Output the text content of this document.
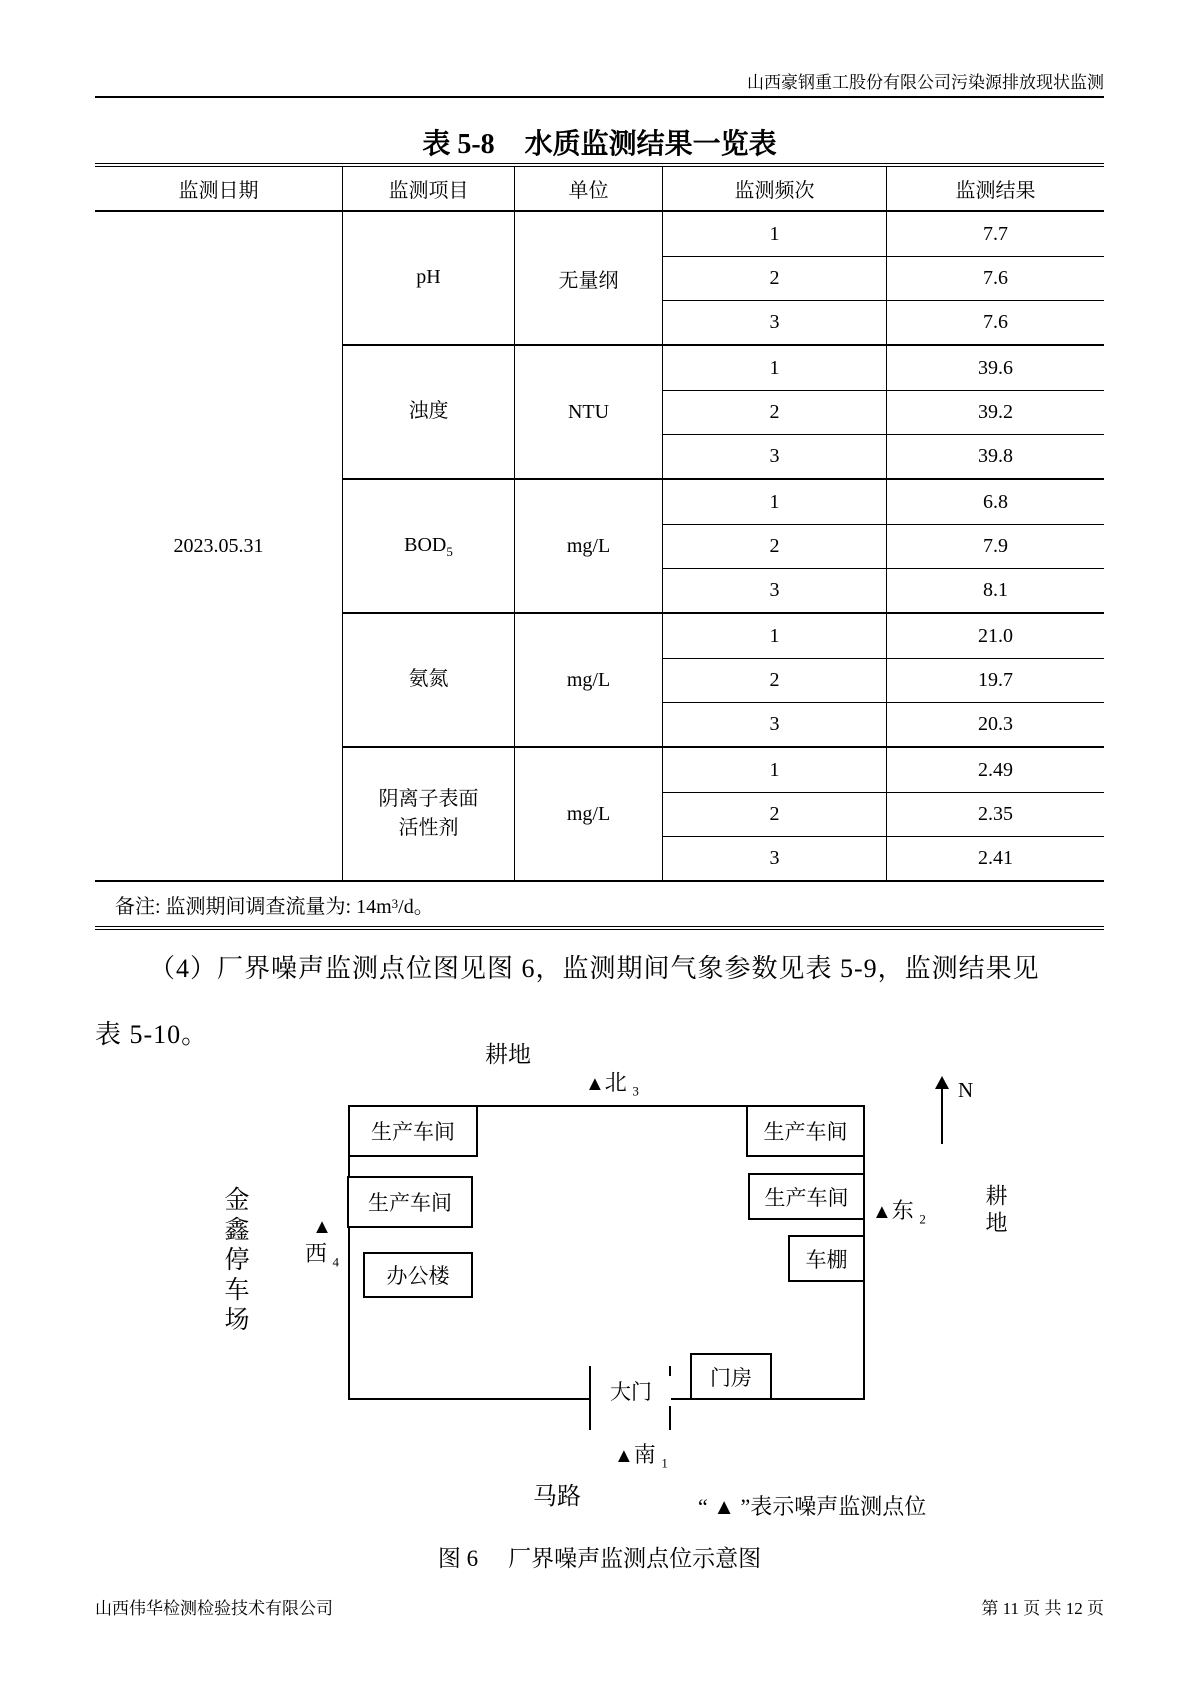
山西豪钢重工股份有限公司污染源排放现状监测
表 5-8 水质监测结果一览表
监测日期	监测项目	单位	监测频次	监测结果
2023.05.31
pH	无量纲
1	7.7
2	7.6
3	7.6
浊度	NTU
1	39.6
2	39.2
3	39.8
$BOD_5$	mg/L
1	6.8
2	7.9
3	8.1
氨氮	mg/L
1	21.0
2	19.7
3	20.3
阴离子表面
活性剂
mg/L
1	2.49
2	2.35
3	2.41
备注: 监测期间调查流量为: 14m 3 /d。
（4）厂界噪声监测点位图见图 6，监测期间气象参数见表 5-9，监测结果见
表 5-10。
耕地
▲北 $_3$
大门
生产车间	生产车间
生产车间	生产车间
办公楼
车棚
门房
▲
西 $_4$
▲东 $_2$
▲南 $_1$
金鑫停车场	耕地
N
马路	“ ▲ ”表示噪声监测点位
图 6 厂界噪声监测点位示意图
第 11 页 共 12 页
山西伟华检测检验技术有限公司
